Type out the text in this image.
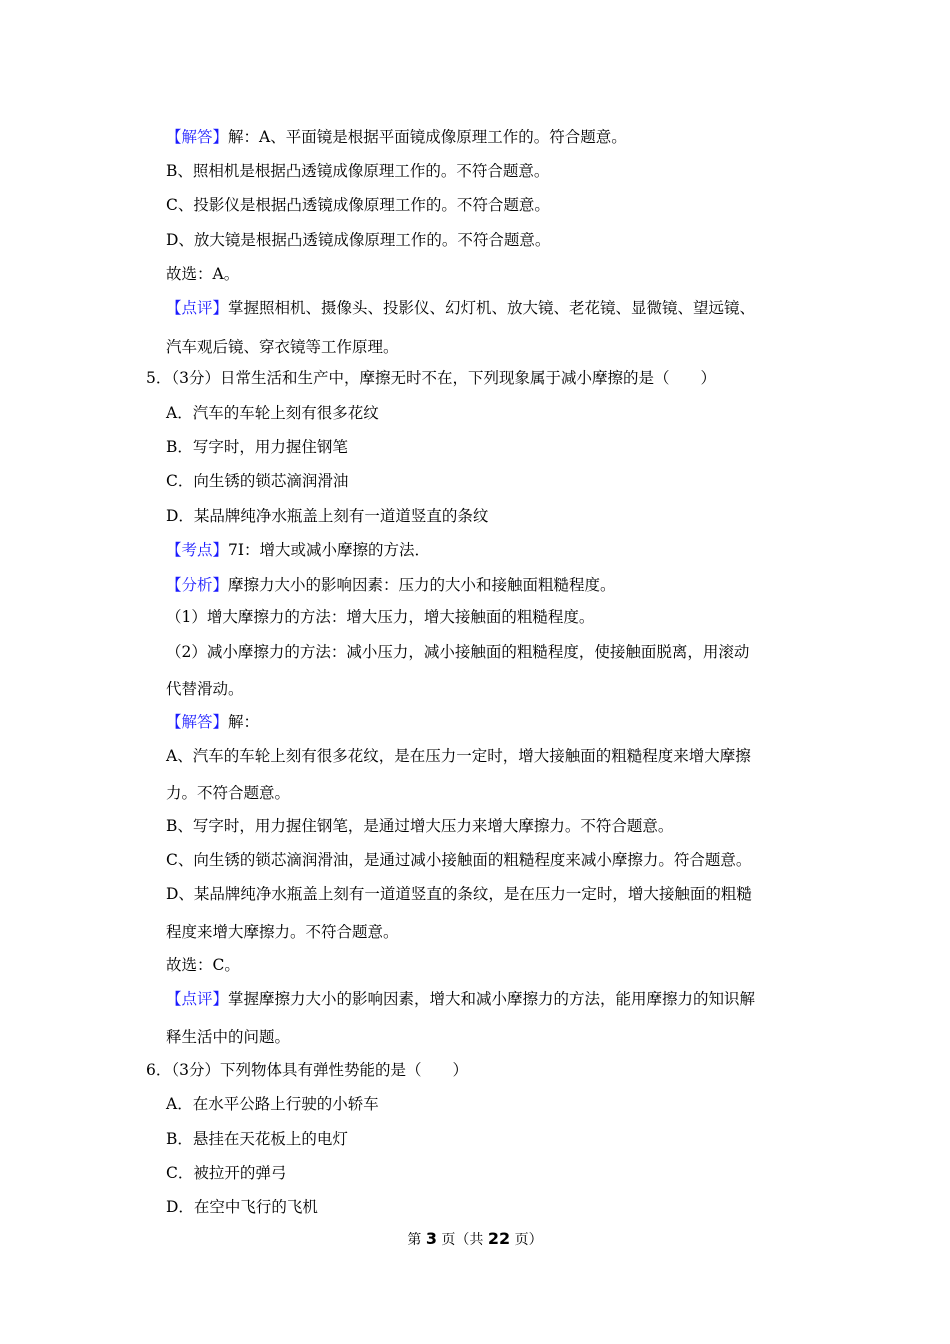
【解答】解：A、平面镜是根据平面镜成像原理工作的。符合题意。
B、照相机是根据凸透镜成像原理工作的。不符合题意。
C、投影仪是根据凸透镜成像原理工作的。不符合题意。
D、放大镜是根据凸透镜成像原理工作的。不符合题意。
故选：A。
【点评】掌握照相机、摄像头、投影仪、幻灯机、放大镜、老花镜、显微镜、望远镜、
汽车观后镜、穿衣镜等工作原理。
5．（3分）日常生活和生产中，摩擦无时不在，下列现象属于减小摩擦的是（　　）
A．汽车的车轮上刻有很多花纹
B．写字时，用力握住钢笔
C．向生锈的锁芯滴润滑油
D．某品牌纯净水瓶盖上刻有一道道竖直的条纹
【考点】7I：增大或减小摩擦的方法．
【分析】摩擦力大小的影响因素：压力的大小和接触面粗糙程度。
（1）增大摩擦力的方法：增大压力，增大接触面的粗糙程度。
（2）减小摩擦力的方法：减小压力，减小接触面的粗糙程度，使接触面脱离，用滚动
代替滑动。
【解答】解：
A、汽车的车轮上刻有很多花纹，是在压力一定时，增大接触面的粗糙程度来增大摩擦
力。不符合题意。
B、写字时，用力握住钢笔，是通过增大压力来增大摩擦力。不符合题意。
C、向生锈的锁芯滴润滑油，是通过减小接触面的粗糙程度来减小摩擦力。符合题意。
D、某品牌纯净水瓶盖上刻有一道道竖直的条纹，是在压力一定时，增大接触面的粗糙
程度来增大摩擦力。不符合题意。
故选：C。
【点评】掌握摩擦力大小的影响因素，增大和减小摩擦力的方法，能用摩擦力的知识解
释生活中的问题。
6．（3分）下列物体具有弹性势能的是（　　）
A．在水平公路上行驶的小轿车
B．悬挂在天花板上的电灯
C．被拉开的弹弓
D．在空中飞行的飞机
第 3 页（共 22 页）
